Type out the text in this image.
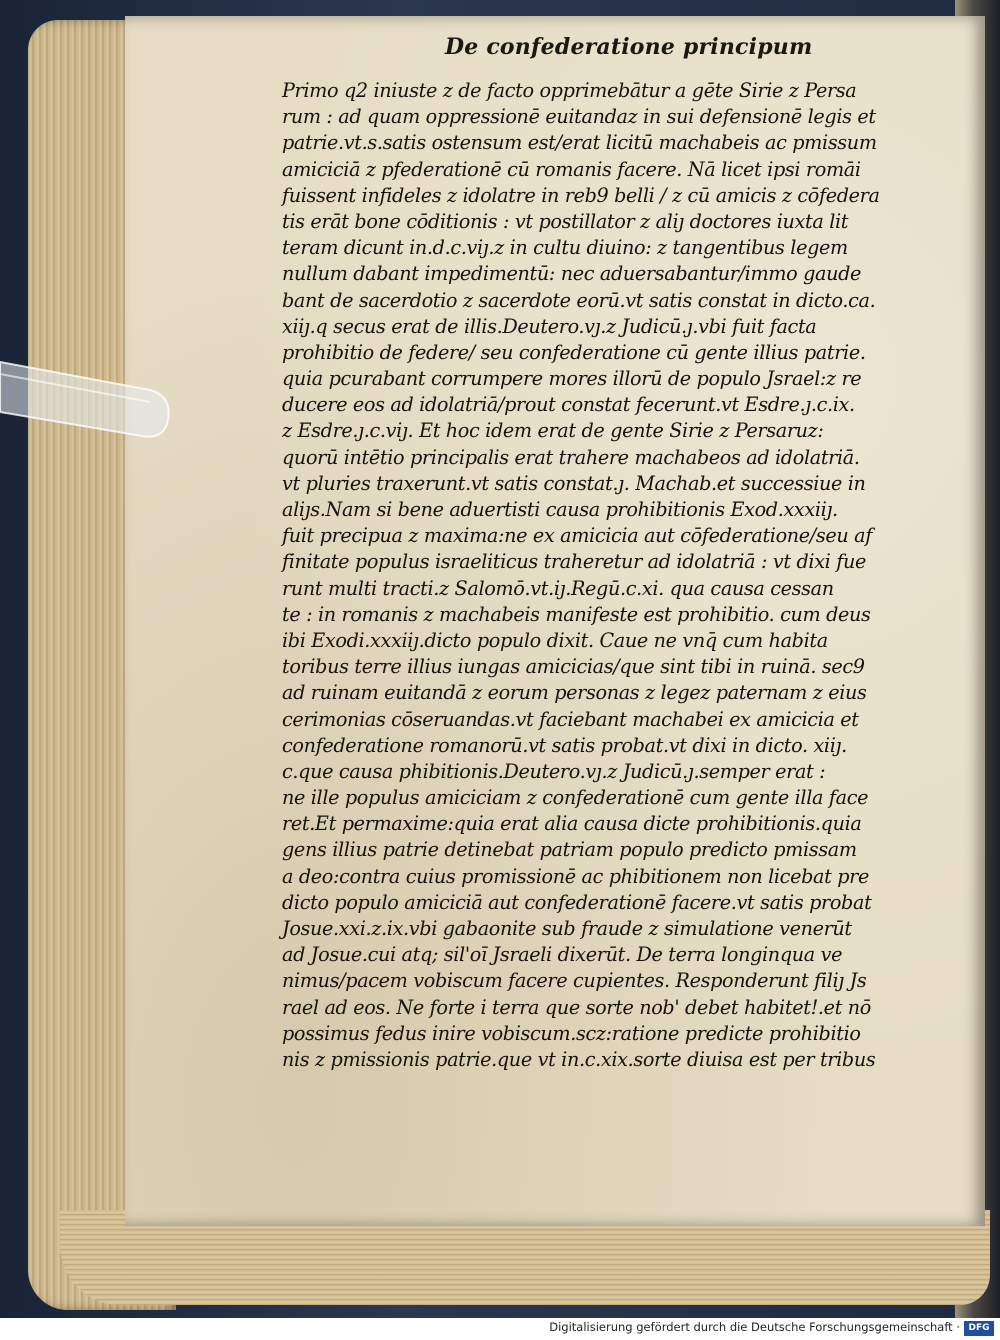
De confederatione principum
Primo q2 iniuste z de facto opprimebātur a gēte Sirie z Persa
rum : ad quam oppressionē euitandaz in sui defensionē legis et
patrie.vt.s.satis ostensum est/erat licitū machabeis ac pmissum
amiciciā z pfederationē cū romanis facere. Nā licet ipsi romāi
fuissent infideles z idolatre in reb9 belli / z cū amicis z cōfedera
tis erāt bone cōditionis : vt postillator z aliȷ doctores iuxta lit
teram dicunt in.d.c.viȷ.z in cultu diuino: z tangentibus legem
nullum dabant impedimentū: nec aduersabantur/immo gaude
bant de sacerdotio z sacerdote eorū.vt satis constat in dicto.ca.
xiiȷ.q secus erat de illis.Deutero.vȷ.z Judicū.ȷ.vbi fuit facta
prohibitio de federe/ seu confederatione cū gente illius patrie.
quia pcurabant corrumpere mores illorū de populo Jsrael:z re
ducere eos ad idolatriā/prout constat fecerunt.vt Esdre.ȷ.c.ix.
z Esdre.ȷ.c.viȷ. Et hoc idem erat de gente Sirie z Persaruz:
quorū intētio principalis erat trahere machabeos ad idolatriā.
vt pluries traxerunt.vt satis constat.ȷ. Machab.et successiue in
aliȷs.Nam si bene aduertisti causa prohibitionis Exod.xxxiiȷ.
fuit precipua z maxima:ne ex amicicia aut cōfederatione/seu af
finitate populus israeliticus traheretur ad idolatriā : vt dixi fue
runt multi tracti.z Salomō.vt.iȷ.Regū.c.xi. qua causa cessan
te : in romanis z machabeis manifeste est prohibitio. cum deus
ibi Exodi.xxxiiȷ.dicto populo dixit. Caue ne vnq̄ cum habita
toribus terre illius iungas amicicias/que sint tibi in ruinā. sec9
ad ruinam euitandā z eorum personas z legez paternam z eius
cerimonias cōseruandas.vt faciebant machabei ex amicicia et
confederatione romanorū.vt satis probat.vt dixi in dicto. xiiȷ.
c.que causa phibitionis.Deutero.vȷ.z Judicū.ȷ.semper erat :
ne ille populus amiciciam z confederationē cum gente illa face
ret.Et permaxime:quia erat alia causa dicte prohibitionis.quia
gens illius patrie detinebat patriam populo predicto pmissam
a deo:contra cuius promissionē ac phibitionem non licebat pre
dicto populo amiciciā aut confederationē facere.vt satis probat
Josue.xxi.z.ix.vbi gabaonite sub fraude z simulatione venerūt
ad Josue.cui atq; sil'oī Jsraeli dixerūt. De terra longinqua ve
nimus/pacem vobiscum facere cupientes. Responderunt filiȷ Js
rael ad eos. Ne forte i terra que sorte nob' debet habitet!.et nō
possimus fedus inire vobiscum.scz:ratione predicte prohibitio
nis z pmissionis patrie.que vt in.c.xix.sorte diuisa est per tribus
Digitalisierung gefördert durch die Deutsche Forschungsgemeinschaft · DFG
